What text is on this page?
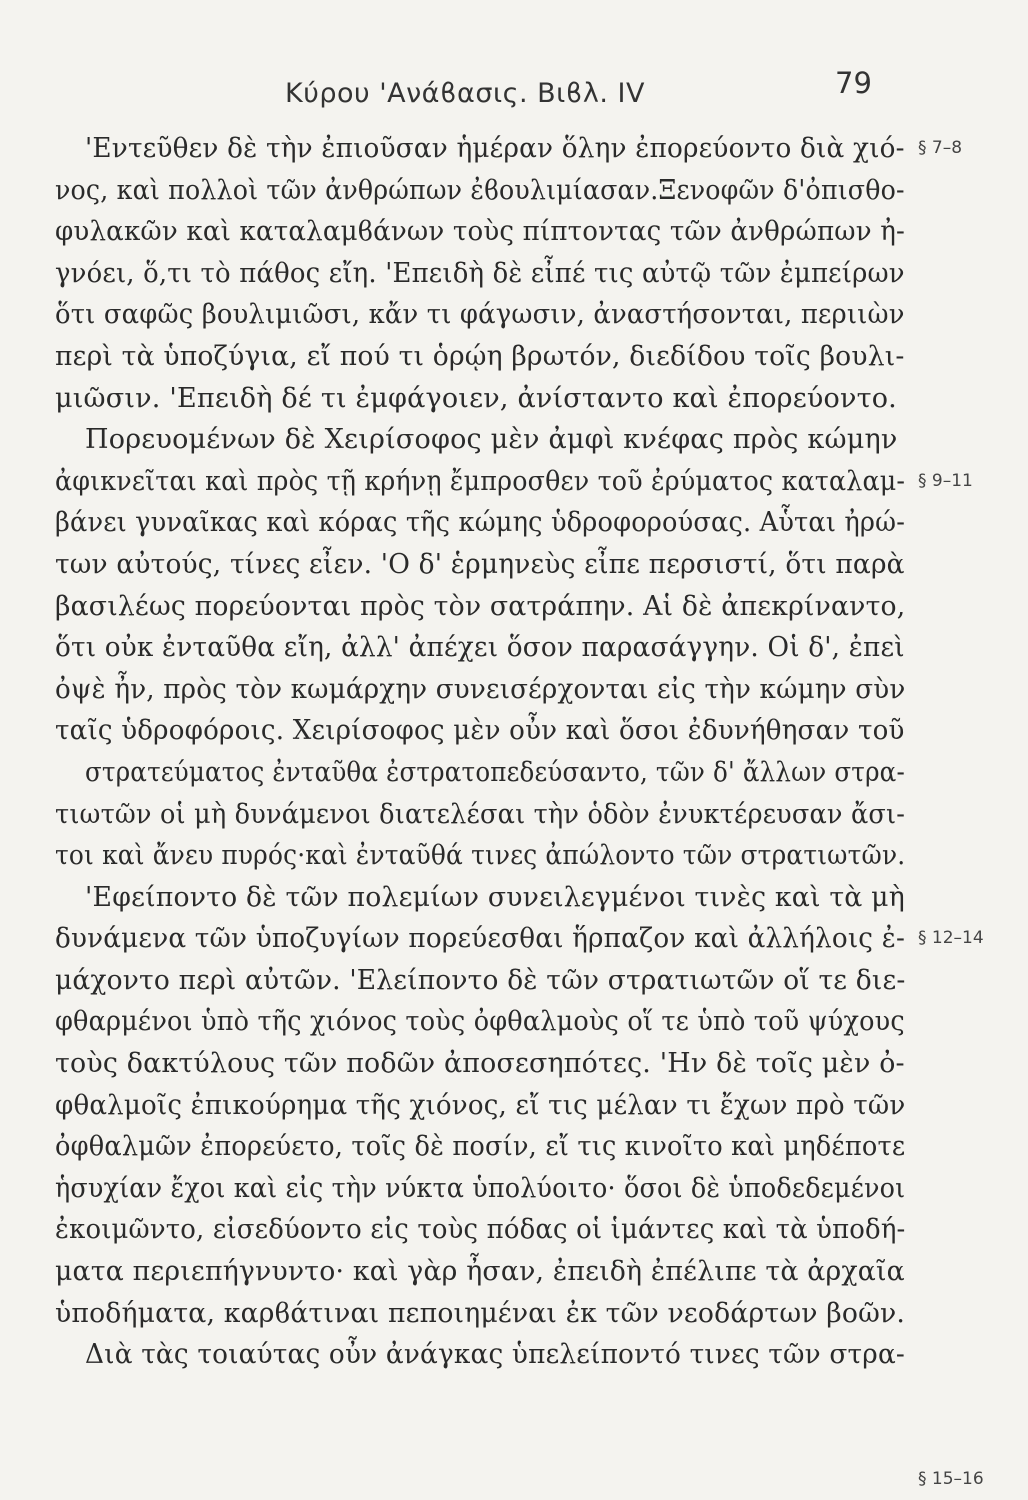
Κύρου 'Ανάϐασις. Βιϐλ. IV	79
'Εντεῦθεν δὲ τὴν ἐπιοῦσαν ἡμέραν ὅλην ἐπορεύοντο διὰ χιό-
νος, καὶ πολλοὶ τῶν ἀνθρώπων ἐϐουλιμίασαν.Ξενοφῶν δ'ὀπισθο-
φυλακῶν καὶ καταλαμϐάνων τοὺς πίπτοντας τῶν ἀνθρώπων ἠ-
γνόει, ὅ,τι τὸ πάθος εἴη. 'Επειδὴ δὲ εἶπέ τις αὐτῷ τῶν ἐμπείρων
ὅτι σαφῶς βουλιμιῶσι, κἄν τι φάγωσιν, ἀναστήσονται, περιιὼν
περὶ τὰ ὑποζύγια, εἴ πού τι ὁρῴη βρωτόν, διεδίδου τοῖς βουλι-
μιῶσιν. 'Επειδὴ δέ τι ἐμφάγοιεν, ἀνίσταντο καὶ ἐπορεύοντο.
Πορευομένων δὲ Χειρίσοφος μὲν ἀμφὶ κνέφας πρὸς κώμην
ἀφικνεῖται καὶ πρὸς τῇ κρήνῃ ἔμπροσθεν τοῦ ἐρύματος καταλαμ-
βάνει γυναῖκας καὶ κόρας τῆς κώμης ὑδροφορούσας. Αὗται ἠρώ-
των αὐτούς, τίνες εἶεν. 'Ο δ' ἑρμηνεὺς εἶπε περσιστί, ὅτι παρὰ
βασιλέως πορεύονται πρὸς τὸν σατράπην. Αἱ δὲ ἀπεκρίναντο,
ὅτι οὐκ ἐνταῦθα εἴη, ἀλλ' ἀπέχει ὅσον παρασάγγην. Οἱ δ', ἐπεὶ
ὀψὲ ἦν, πρὸς τὸν κωμάρχην συνεισέρχονται εἰς τὴν κώμην σὺν
ταῖς ὑδροφόροις. Χειρίσοφος μὲν οὖν καὶ ὅσοι ἐδυνήθησαν τοῦ
στρατεύματος ἐνταῦθα ἐστρατοπεδεύσαντο, τῶν δ' ἄλλων στρα-
τιωτῶν οἱ μὴ δυνάμενοι διατελέσαι τὴν ὁδὸν ἐνυκτέρευσαν ἄσι-
τοι καὶ ἄνευ πυρός·καὶ ἐνταῦθά τινες ἀπώλοντο τῶν στρατιωτῶν.
'Εφείποντο δὲ τῶν πολεμίων συνειλεγμένοι τινὲς καὶ τὰ μὴ
δυνάμενα τῶν ὑποζυγίων πορεύεσθαι ἥρπαζον καὶ ἀλλήλοις ἐ-
μάχοντο περὶ αὐτῶν. 'Ελείποντο δὲ τῶν στρατιωτῶν οἵ τε διε-
φθαρμένοι ὑπὸ τῆς χιόνος τοὺς ὀφθαλμοὺς οἵ τε ὑπὸ τοῦ ψύχους
τοὺς δακτύλους τῶν ποδῶν ἀποσεσηπότες. 'Ην δὲ τοῖς μὲν ὀ-
φθαλμοῖς ἐπικούρημα τῆς χιόνος, εἴ τις μέλαν τι ἔχων πρὸ τῶν
ὀφθαλμῶν ἐπορεύετο, τοῖς δὲ ποσίν, εἴ τις κινοῖτο καὶ μηδέποτε
ἡσυχίαν ἔχοι καὶ εἰς τὴν νύκτα ὑπολύοιτο· ὅσοι δὲ ὑποδεδεμένοι
ἐκοιμῶντο, εἰσεδύοντο εἰς τοὺς πόδας οἱ ἱμάντες καὶ τὰ ὑποδή-
ματα περιεπήγνυντο· καὶ γὰρ ἦσαν, ἐπειδὴ ἐπέλιπε τὰ ἀρχαῖα
ὑποδήματα, καρϐάτιναι πεποιημέναι ἐκ τῶν νεοδάρτων βοῶν.
Διὰ τὰς τοιαύτας οὖν ἀνάγκας ὑπελείποντό τινες τῶν στρα-
§ 7–8
§ 9–11
§ 12–14
§ 15–16
